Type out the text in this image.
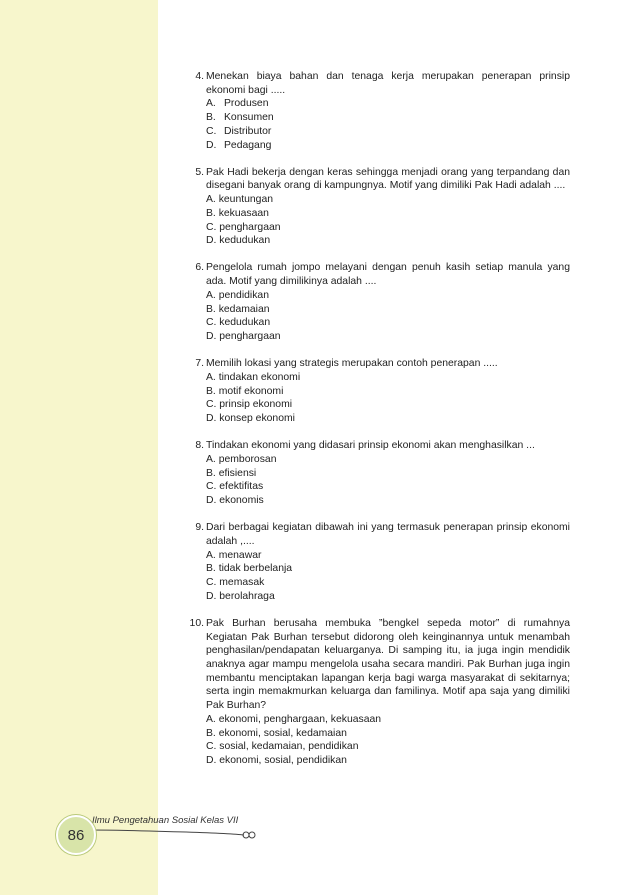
4. Menekan biaya bahan dan tenaga kerja merupakan penerapan prinsip ekonomi bagi .....
A. Produsen
B. Konsumen
C. Distributor
D. Pedagang
5. Pak Hadi bekerja dengan keras sehingga menjadi orang yang terpandang dan disegani banyak orang di kampungnya. Motif yang dimiliki Pak Hadi adalah ....
A. keuntungan
B. kekuasaan
C. penghargaan
D. kedudukan
6. Pengelola rumah jompo melayani dengan penuh kasih setiap manula yang ada. Motif yang dimilikinya adalah ....
A. pendidikan
B. kedamaian
C. kedudukan
D. penghargaan
7. Memilih lokasi yang strategis merupakan contoh penerapan .....
A. tindakan ekonomi
B. motif ekonomi
C. prinsip ekonomi
D. konsep ekonomi
8. Tindakan ekonomi yang didasari prinsip ekonomi akan menghasilkan ...
A. pemborosan
B. efisiensi
C. efektifitas
D. ekonomis
9. Dari berbagai kegiatan dibawah ini yang termasuk penerapan prinsip ekonomi adalah ,....
A. menawar
B. tidak berbelanja
C. memasak
D. berolahraga
10. Pak Burhan berusaha membuka ”bengkel sepeda motor” di rumahnya Kegiatan Pak Burhan tersebut didorong oleh keinginannya untuk menambah penghasilan/pendapatan keluarganya. Di samping itu, ia juga ingin mendidik anaknya agar mampu mengelola usaha secara mandiri. Pak Burhan juga ingin membantu menciptakan lapangan kerja bagi warga masyarakat di sekitarnya; serta ingin memakmurkan keluarga dan familinya. Motif apa saja yang dimiliki Pak Burhan?
A. ekonomi, penghargaan, kekuasaan
B. ekonomi, sosial, kedamaian
C. sosial, kedamaian, pendidikan
D. ekonomi, sosial, pendidikan
Ilmu Pengetahuan Sosial Kelas VII
86
